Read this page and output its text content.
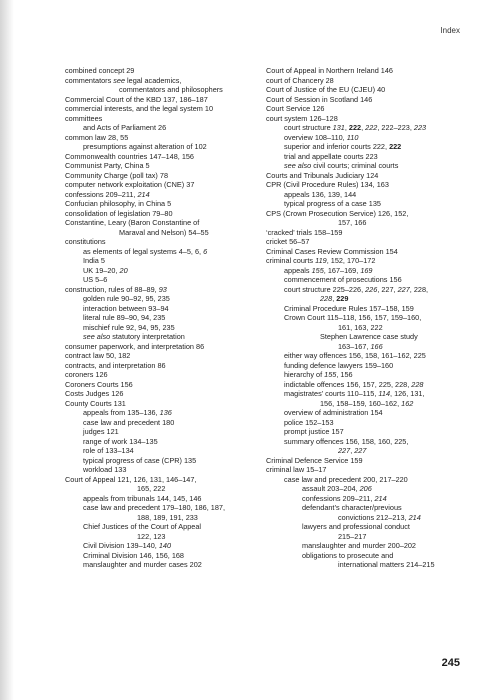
Index
combined concept 29
commentators see legal academics,
commentators and philosophers
Commercial Court of the KBD 137, 186–187
commercial interests, and the legal system 10
committees
and Acts of Parliament 26
common law 28, 55
presumptions against alteration of 102
Commonwealth countries 147–148, 156
Communist Party, China 5
Community Charge (poll tax) 78
computer network exploitation (CNE) 37
confessions 209–211, 214
Confucian philosophy, in China 5
consolidation of legislation 79–80
Constantine, Leary (Baron Constantine of
Maraval and Nelson) 54–55
constitutions
as elements of legal systems 4–5, 6, 6
India 5
UK 19–20, 20
US 5–6
construction, rules of 88–89, 93
golden rule 90–92, 95, 235
interaction between 93–94
literal rule 89–90, 94, 235
mischief rule 92, 94, 95, 235
see also statutory interpretation
consumer paperwork, and interpretation 86
contract law 50, 182
contracts, and interpretation 86
coroners 126
Coroners Courts 156
Costs Judges 126
County Courts 131
appeals from 135–136, 136
case law and precedent 180
judges 121
range of work 134–135
role of 133–134
typical progress of case (CPR) 135
workload 133
Court of Appeal 121, 126, 131, 146–147,
165, 222
appeals from tribunals 144, 145, 146
case law and precedent 179–180, 186, 187,
188, 189, 191, 233
Chief Justices of the Court of Appeal
122, 123
Civil Division 139–140, 140
Criminal Division 146, 156, 168
manslaughter and murder cases 202
Court of Appeal in Northern Ireland 146
court of Chancery 28
Court of Justice of the EU (CJEU) 40
Court of Session in Scotland 146
Court Service 126
court system 126–128
court structure 131, 222, 222, 222–223, 223
overview 108–110, 110
superior and inferior courts 222, 222
trial and appellate courts 223
see also civil courts; criminal courts
Courts and Tribunals Judiciary 124
CPR (Civil Procedure Rules) 134, 163
appeals 136, 139, 144
typical progress of a case 135
CPS (Crown Prosecution Service) 126, 152,
157, 166
‘cracked’ trials 158–159
cricket 56–57
Criminal Cases Review Commission 154
criminal courts 119, 152, 170–172
appeals 155, 167–169, 169
commencement of prosecutions 156
court structure 225–226, 226, 227, 227, 228,
228, 229
Criminal Procedure Rules 157–158, 159
Crown Court 115–118, 156, 157, 159–160,
161, 163, 222
Stephen Lawrence case study
163–167, 166
either way offences 156, 158, 161–162, 225
funding defence lawyers 159–160
hierarchy of 155, 156
indictable offences 156, 157, 225, 228, 228
magistrates’ courts 110–115, 114, 126, 131,
156, 158–159, 160–162, 162
overview of administration 154
police 152–153
prompt justice 157
summary offences 156, 158, 160, 225,
227, 227
Criminal Defence Service 159
criminal law 15–17
case law and precedent 200, 217–220
assault 203–204, 206
confessions 209–211, 214
defendant’s character/previous
convictions 212–213, 214
lawyers and professional conduct
215–217
manslaughter and murder 200–202
obligations to prosecute and
international matters 214–215
245
